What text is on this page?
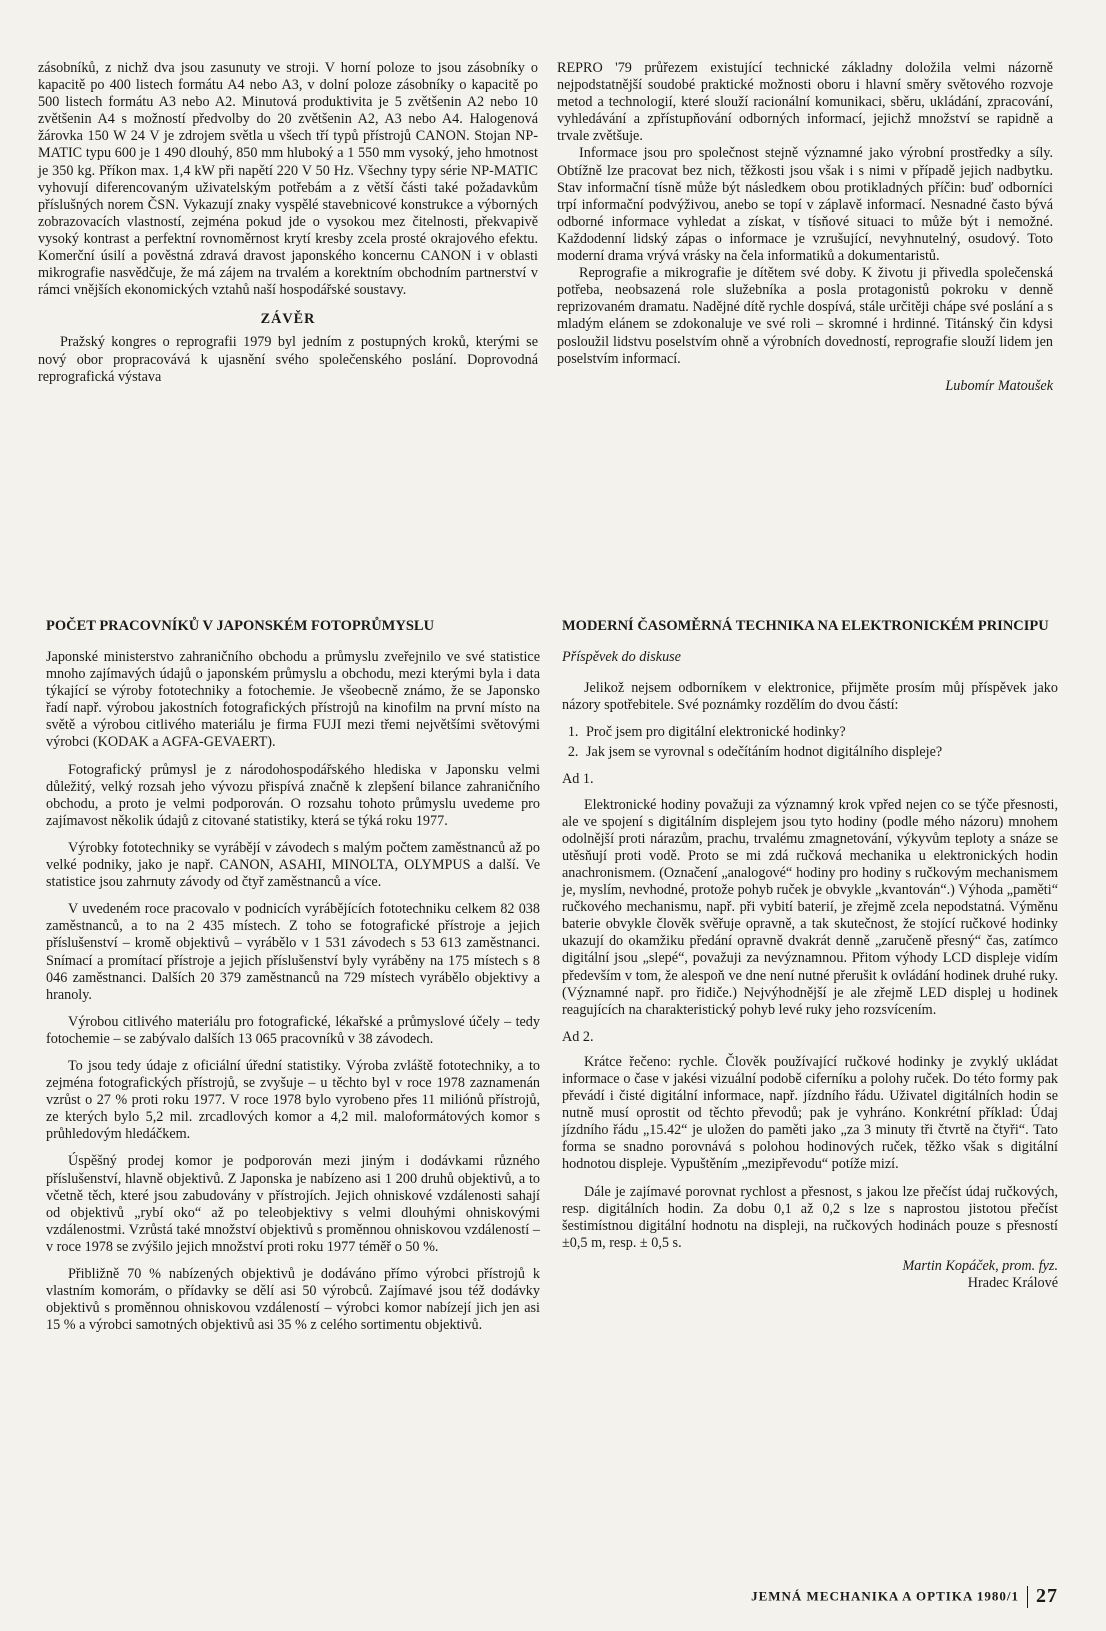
zásobníků, z nichž dva jsou zasunuty ve stroji. V horní poloze to jsou zásobníky o kapacitě po 400 listech formátu A4 nebo A3, v dolní poloze zásobníky o kapacitě po 500 listech formátu A3 nebo A2. Minutová produktivita je 5 zvětšenin A2 nebo 10 zvětšenin A4 s možností předvolby do 20 zvětšenin A2, A3 nebo A4. Halogenová žárovka 150 W 24 V je zdrojem světla u všech tří typů přístrojů CANON. Stojan NP-MATIC typu 600 je 1 490 dlouhý, 850 mm hluboký a 1 550 mm vysoký, jeho hmotnost je 350 kg. Příkon max. 1,4 kW při napětí 220 V 50 Hz. Všechny typy série NP-MATIC vyhovují diferencovaným uživatelským potřebám a z větší části také požadavkům příslušných norem ČSN. Vykazují znaky vyspělé stavebnicové konstrukce a výborných zobrazovacích vlastností, zejména pokud jde o vysokou mez čitelnosti, překvapivě vysoký kontrast a perfektní rovnoměrnost krytí kresby zcela prosté okrajového efektu. Komerční úsilí a pověstná zdravá dravost japonského koncernu CANON i v oblasti mikrografie nasvědčuje, že má zájem na trvalém a korektním obchodním partnerství v rámci vnějších ekonomických vztahů naší hospodářské soustavy.

ZÁVĚR

Pražský kongres o reprografii 1979 byl jedním z postupných kroků, kterými se nový obor propracovává k ujasnění svého společenského poslání. Doprovodná reprografická výstava

REPRO '79 průřezem existující technické základny doložila velmi názorně nejpodstatnější soudobé praktické možnosti oboru i hlavní směry světového rozvoje metod a technologií, které slouží racionální komunikaci, sběru, ukládání, zpracování, vyhledávání a zpřístupňování odborných informací, jejichž množství se rapidně a trvale zvětšuje.

Informace jsou pro společnost stejně významné jako výrobní prostředky a síly. Obtížně lze pracovat bez nich, těžkosti jsou však i s nimi v případě jejich nadbytku. Stav informační tísně může být následkem obou protikladných příčin: buď odborníci trpí informační podvýživou, anebo se topí v záplavě informací. Nesnadné často bývá odborné informace vyhledat a získat, v tísňové situaci to může být i nemožné. Každodenní lidský zápas o informace je vzrušující, nevyhnutelný, osudový. Toto moderní drama vrývá vrásky na čela informatiků a dokumentaristů.

Reprografie a mikrografie je dítětem své doby. K životu ji přivedla společenská potřeba, neobsazená role služebníka a posla protagonistů pokroku v denně reprizovaném dramatu. Nadějné dítě rychle dospívá, stále určitěji chápe své poslání a s mladým elánem se zdokonaluje ve své roli – skromné i hrdinné. Titánský čin kdysi posloužil lidstvu poselstvím ohně a výrobních dovedností, reprografie slouží lidem jen poselstvím informací.

Lubomír Matoušek
POČET PRACOVNÍKŮ V JAPONSKÉM FOTOPRŮMYSLU

Japonské ministerstvo zahraničního obchodu a průmyslu zveřejnilo ve své statistice mnoho zajímavých údajů o japonském průmyslu a obchodu, mezi kterými byla i data týkající se výroby fototechniky a fotochemie. Je všeobecně známo, že se Japonsko řadí např. výrobou jakostních fotografických přístrojů na kinofilm na první místo na světě a výrobou citlivého materiálu je firma FUJI mezi třemi největšími světovými výrobci (KODAK a AGFA-GEVAERT).

Fotografický průmysl je z národohospodářského hlediska v Japonsku velmi důležitý, velký rozsah jeho vývozu přispívá značně k zlepšení bilance zahraničního obchodu, a proto je velmi podporován. O rozsahu tohoto průmyslu uvedeme pro zajímavost několik údajů z citované statistiky, která se týká roku 1977.

Výrobky fototechniky se vyrábějí v závodech s malým počtem zaměstnanců až po velké podniky, jako je např. CANON, ASAHI, MINOLTA, OLYMPUS a další. Ve statistice jsou zahrnuty závody od čtyř zaměstnanců a více.

V uvedeném roce pracovalo v podnicích vyrábějících fototechniku celkem 82 038 zaměstnanců, a to na 2 435 místech. Z toho se fotografické přístroje a jejich příslušenství – kromě objektivů – vyrábělo v 1 531 závodech s 53 613 zaměstnanci. Snímací a promítací přístroje a jejich příslušenství byly vyráběny na 175 místech s 8 046 zaměstnanci. Dalších 20 379 zaměstnanců na 729 místech vyrábělo objektivy a hranoly.

Výrobou citlivého materiálu pro fotografické, lékařské a průmyslové účely – tedy fotochemie – se zabývalo dalších 13 065 pracovníků v 38 závodech.

To jsou tedy údaje z oficiální úřední statistiky. Výroba zvláště fototechniky, a to zejména fotografických přístrojů, se zvyšuje – u těchto byl v roce 1978 zaznamenán vzrůst o 27 % proti roku 1977. V roce 1978 bylo vyrobeno přes 11 miliónů přístrojů, ze kterých bylo 5,2 mil. zrcadlových komor a 4,2 mil. maloformátových komor s průhledovým hledáčkem.

Úspěšný prodej komor je podporován mezi jiným i dodávkami různého příslušenství, hlavně objektivů. Z Japonska je nabízeno asi 1 200 druhů objektivů, a to včetně těch, které jsou zabudovány v přístrojích. Jejich ohniskové vzdálenosti sahají od objektivů „rybí oko“ až po teleobjektivy s velmi dlouhými ohniskovými vzdálenostmi. Vzrůstá také množství objektivů s proměnnou ohniskovou vzdáleností – v roce 1978 se zvýšilo jejich množství proti roku 1977 téměř o 50 %.

Přibližně 70 % nabízených objektivů je dodáváno přímo výrobci přístrojů k vlastním komorám, o přídavky se dělí asi 50 výrobců. Zajímavé jsou též dodávky objektivů s proměnnou ohniskovou vzdáleností – výrobci komor nabízejí jich jen asi 15 % a výrobci samotných objektivů asi 35 % z celého sortimentu objektivů.

MODERNÍ ČASOMĚRNÁ TECHNIKA NA ELEKTRONICKÉM PRINCIPU
Příspěvek do diskuse

Jelikož nejsem odborníkem v elektronice, přijměte prosím můj příspěvek jako názory spotřebitele. Své poznámky rozdělím do dvou částí:

1. Proč jsem pro digitální elektronické hodinky?
2. Jak jsem se vyrovnal s odečítáním hodnot digitálního displeje?

Ad 1.

Elektronické hodiny považuji za významný krok vpřed nejen co se týče přesnosti, ale ve spojení s digitálním displejem jsou tyto hodiny (podle mého názoru) mnohem odolnější proti nárazům, prachu, trvalému zmagnetování, výkyvům teploty a snáze se utěsňují proti vodě. Proto se mi zdá ručková mechanika u elektronických hodin anachronismem. (Označení „analogové“ hodiny pro hodiny s ručkovým mechanismem je, myslím, nevhodné, protože pohyb ruček je obvykle „kvantován“.) Výhoda „paměti“ ručkového mechanismu, např. při vybití baterií, je zřejmě zcela nepodstatná. Výměnu baterie obvykle člověk svěřuje opravně, a tak skutečnost, že stojící ručkové hodinky ukazují do okamžiku předání opravně dvakrát denně „zaručeně přesný“ čas, zatímco digitální jsou „slepé“, považuji za nevýznamnou. Přitom výhody LCD displeje vidím především v tom, že alespoň ve dne není nutné přerušit k ovládání hodinek druhé ruky. (Významné např. pro řidiče.) Nejvýhodnější je ale zřejmě LED displej u hodinek reagujících na charakteristický pohyb levé ruky jeho rozsvícením.

Ad 2.

Krátce řečeno: rychle. Člověk používající ručkové hodinky je zvyklý ukládat informace o čase v jakési vizuální podobě ciferníku a polohy ruček. Do této formy pak převádí i čisté digitální informace, např. jízdního řádu. Uživatel digitálních hodin se nutně musí oprostit od těchto převodů; pak je vyhráno. Konkrétní příklad: Údaj jízdního řádu „15.42“ je uložen do paměti jako „za 3 minuty tři čtvrtě na čtyři“. Tato forma se snadno porovnává s polohou hodinových ruček, těžko však s digitální hodnotou displeje. Vypuštěním „mezipřevodu“ potíže mizí.

Dále je zajímavé porovnat rychlost a přesnost, s jakou lze přečíst údaj ručkových, resp. digitálních hodin. Za dobu 0,1 až 0,2 s lze s naprostou jistotou přečíst šestimístnou digitální hodnotu na displeji, na ručkových hodinách pouze s přesností ±0,5 m, resp. ± 0,5 s.

Martin Kopáček, prom. fyz.
Hradec Králové
JEMNÁ MECHANIKA A OPTIKA 1980/1 27
